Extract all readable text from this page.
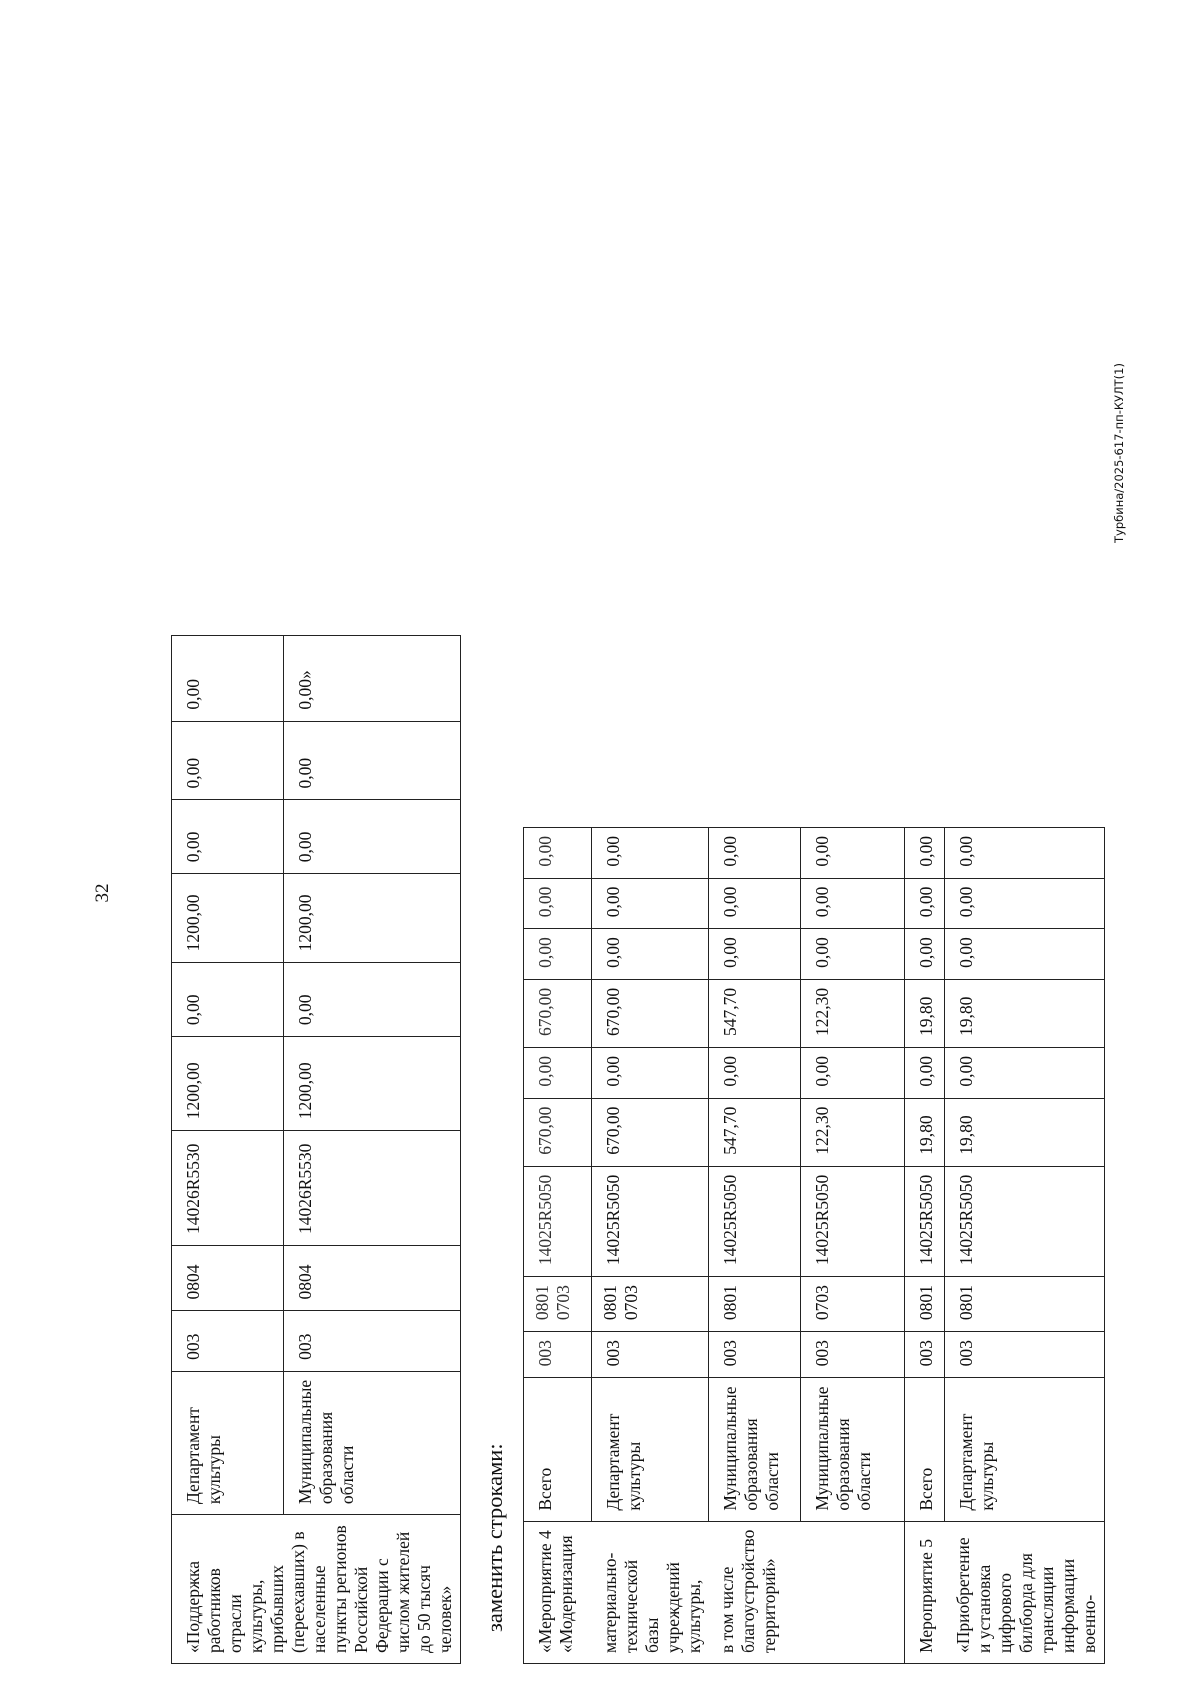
32
Турбина/2025-617-пп-КУЛТ(1)
заменить строками:
«Поддержка работников отрасли культуры, прибывших (переехавших) в населенные пункты регионов Российской Федерации с числом жителей до 50 тысяч человек»	Департамент культуры	003	0804	14026R5530	1200,00	0,00	1200,00	0,00	0,00	0,00
	Муниципальные образования области	003	0804	14026R5530	1200,00	0,00	1200,00	0,00	0,00	0,00»
«Мероприятие 4 «Модернизация	Всего	003	0801 0703	14025R5050	670,00	0,00	670,00	0,00	0,00	0,00
материально-технической базы учреждений культуры,	Департамент культуры	003	0801 0703	14025R5050	670,00	0,00	670,00	0,00	0,00	0,00
в том числе благоустройство территорий»	Муниципальные образования области	003	0801	14025R5050	547,70	0,00	547,70	0,00	0,00	0,00
	Муниципальные образования области	003	0703	14025R5050	122,30	0,00	122,30	0,00	0,00	0,00
Мероприятие 5	Всего	003	0801	14025R5050	19,80	0,00	19,80	0,00	0,00	0,00
«Приобретение и установка цифрового билборда для трансляции информации военно-	Департамент культуры	003	0801	14025R5050	19,80	0,00	19,80	0,00	0,00	0,00
